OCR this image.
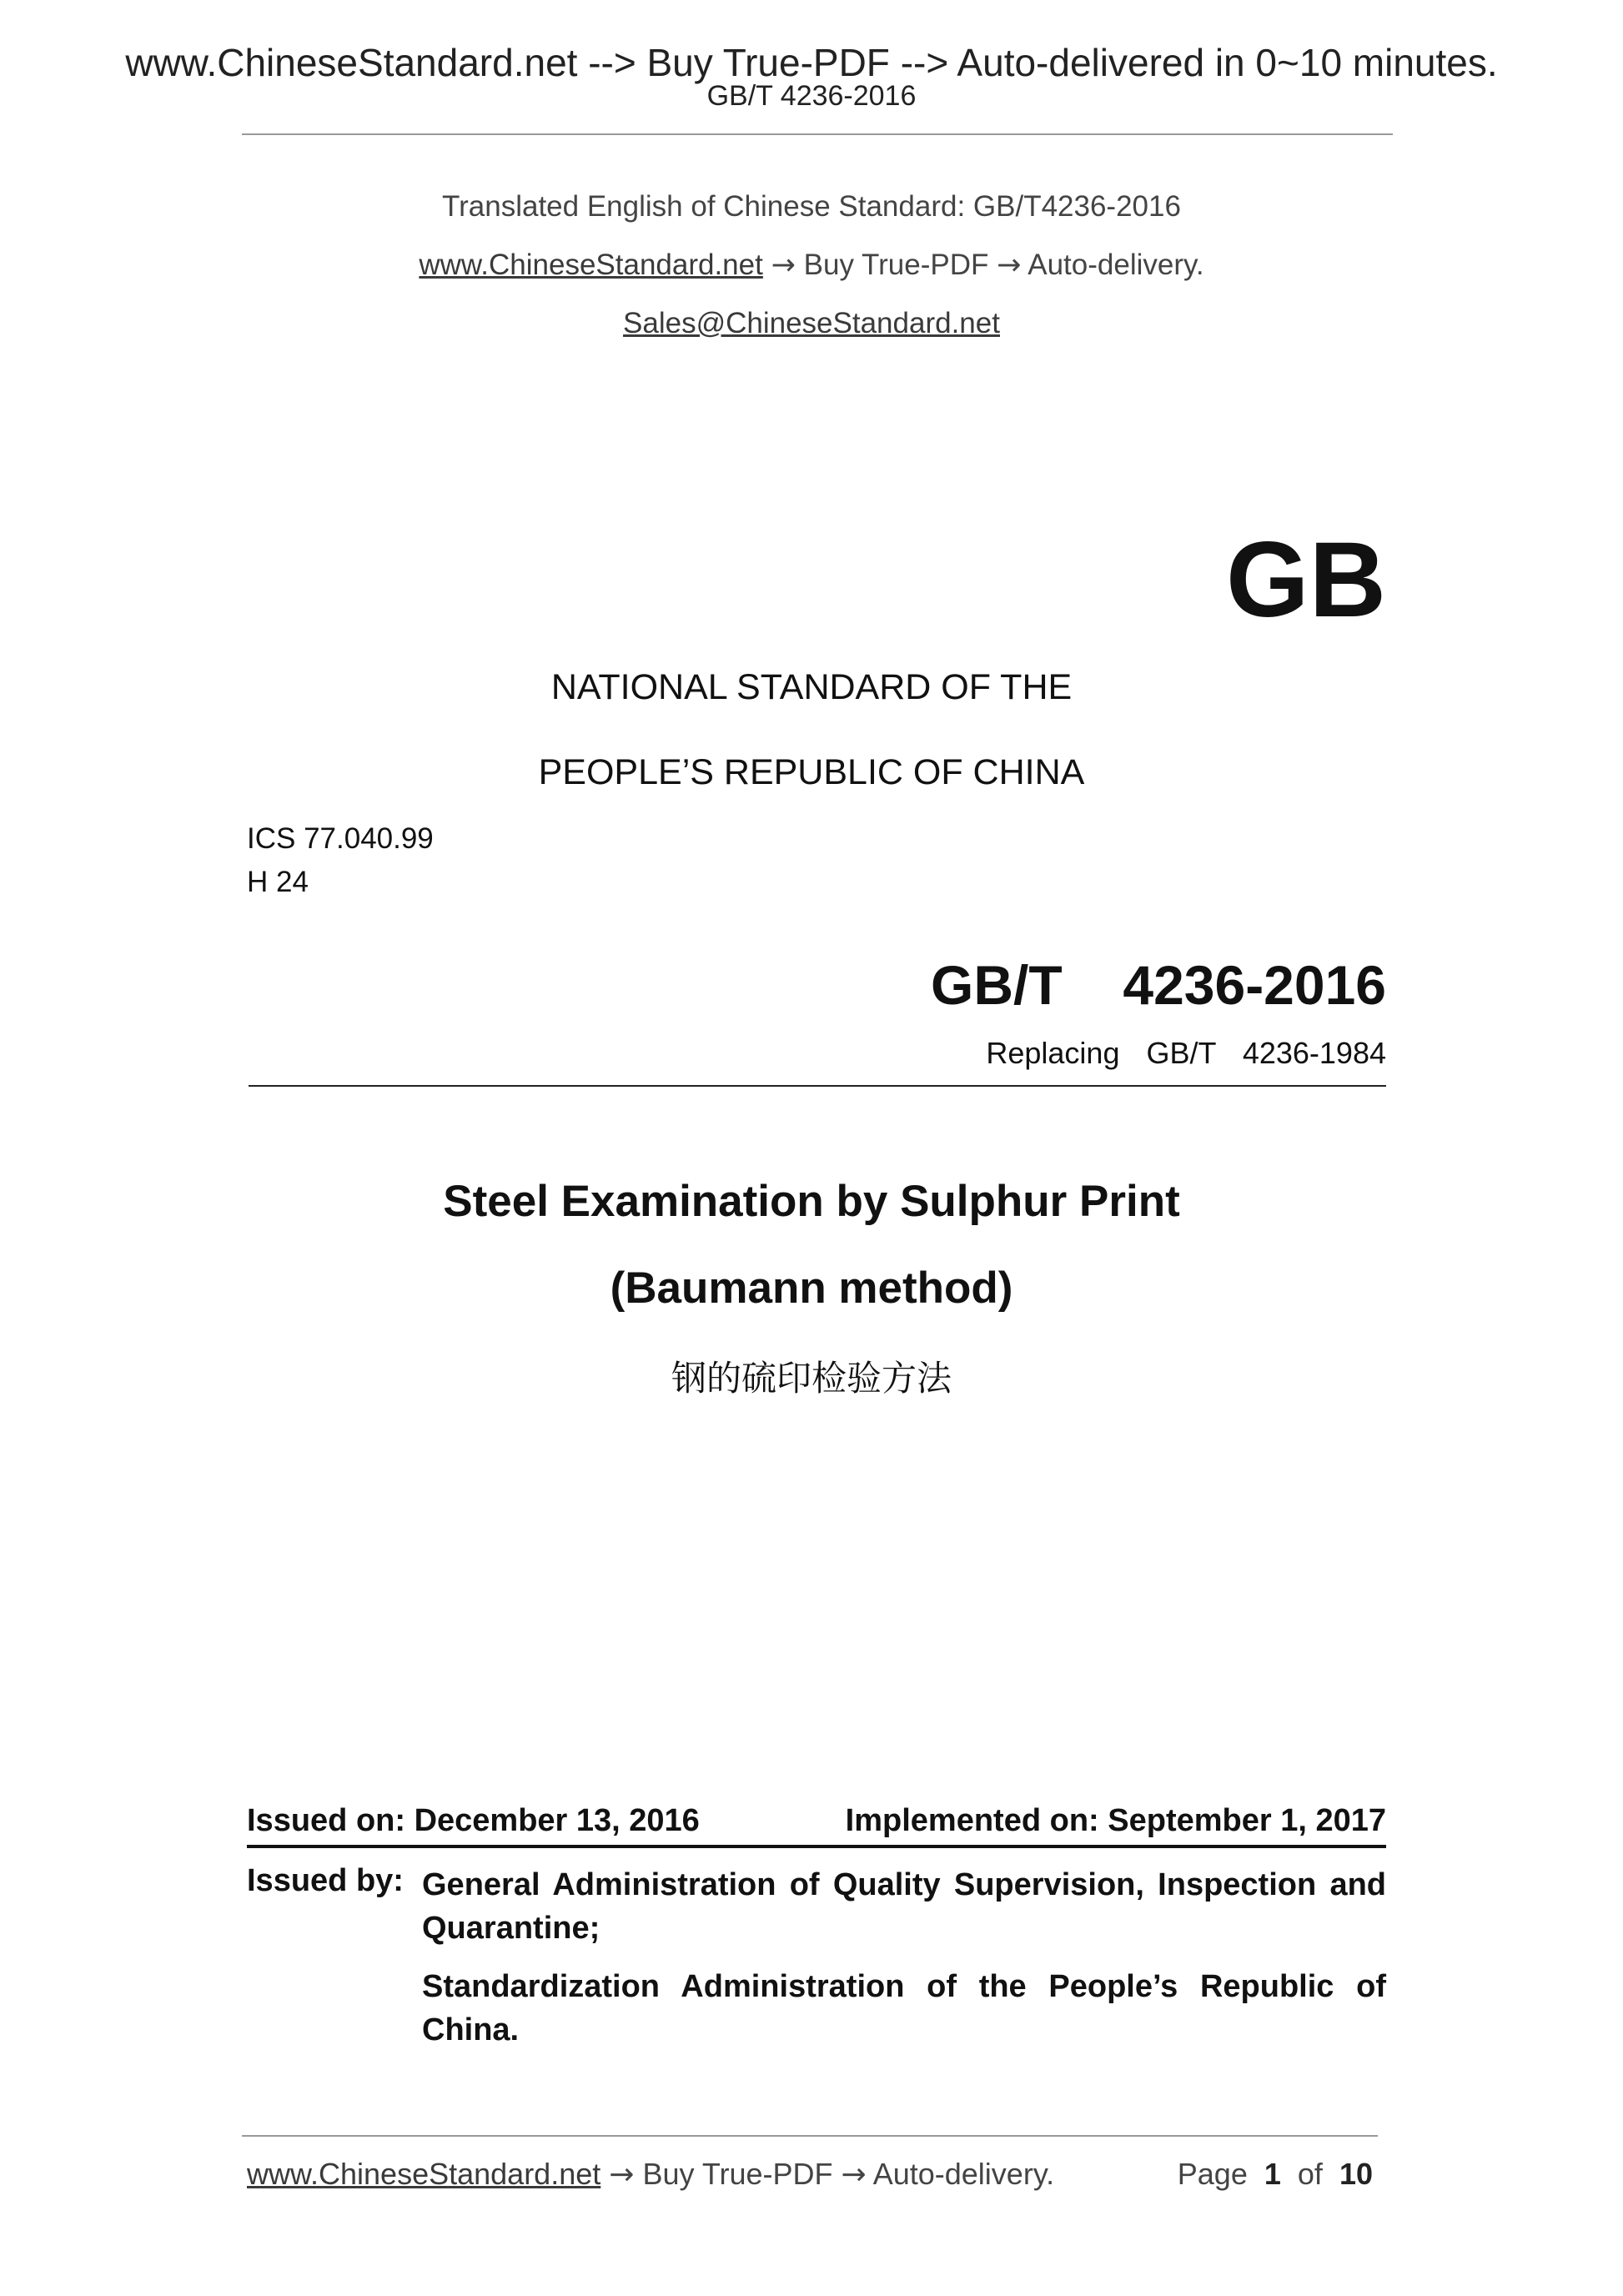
www.ChineseStandard.net --> Buy True-PDF --> Auto-delivered in 0~10 minutes.
GB/T 4236-2016
Translated English of Chinese Standard: GB/T4236-2016
www.ChineseStandard.net → Buy True-PDF → Auto-delivery.
Sales@ChineseStandard.net
GB
NATIONAL STANDARD OF THE
PEOPLE’S REPUBLIC OF CHINA
ICS 77.040.99
H 24
GB/T  4236-2016
Replacing  GB/T  4236-1984
Steel Examination by Sulphur Print
(Baumann method)
钢的硫印检验方法
Issued on: December 13, 2016	Implemented on: September 1, 2017
Issued by: General Administration of Quality Supervision, Inspection and Quarantine;
Standardization Administration of the People’s Republic of China.
www.ChineseStandard.net → Buy True-PDF → Auto-delivery.	Page 1 of 10
